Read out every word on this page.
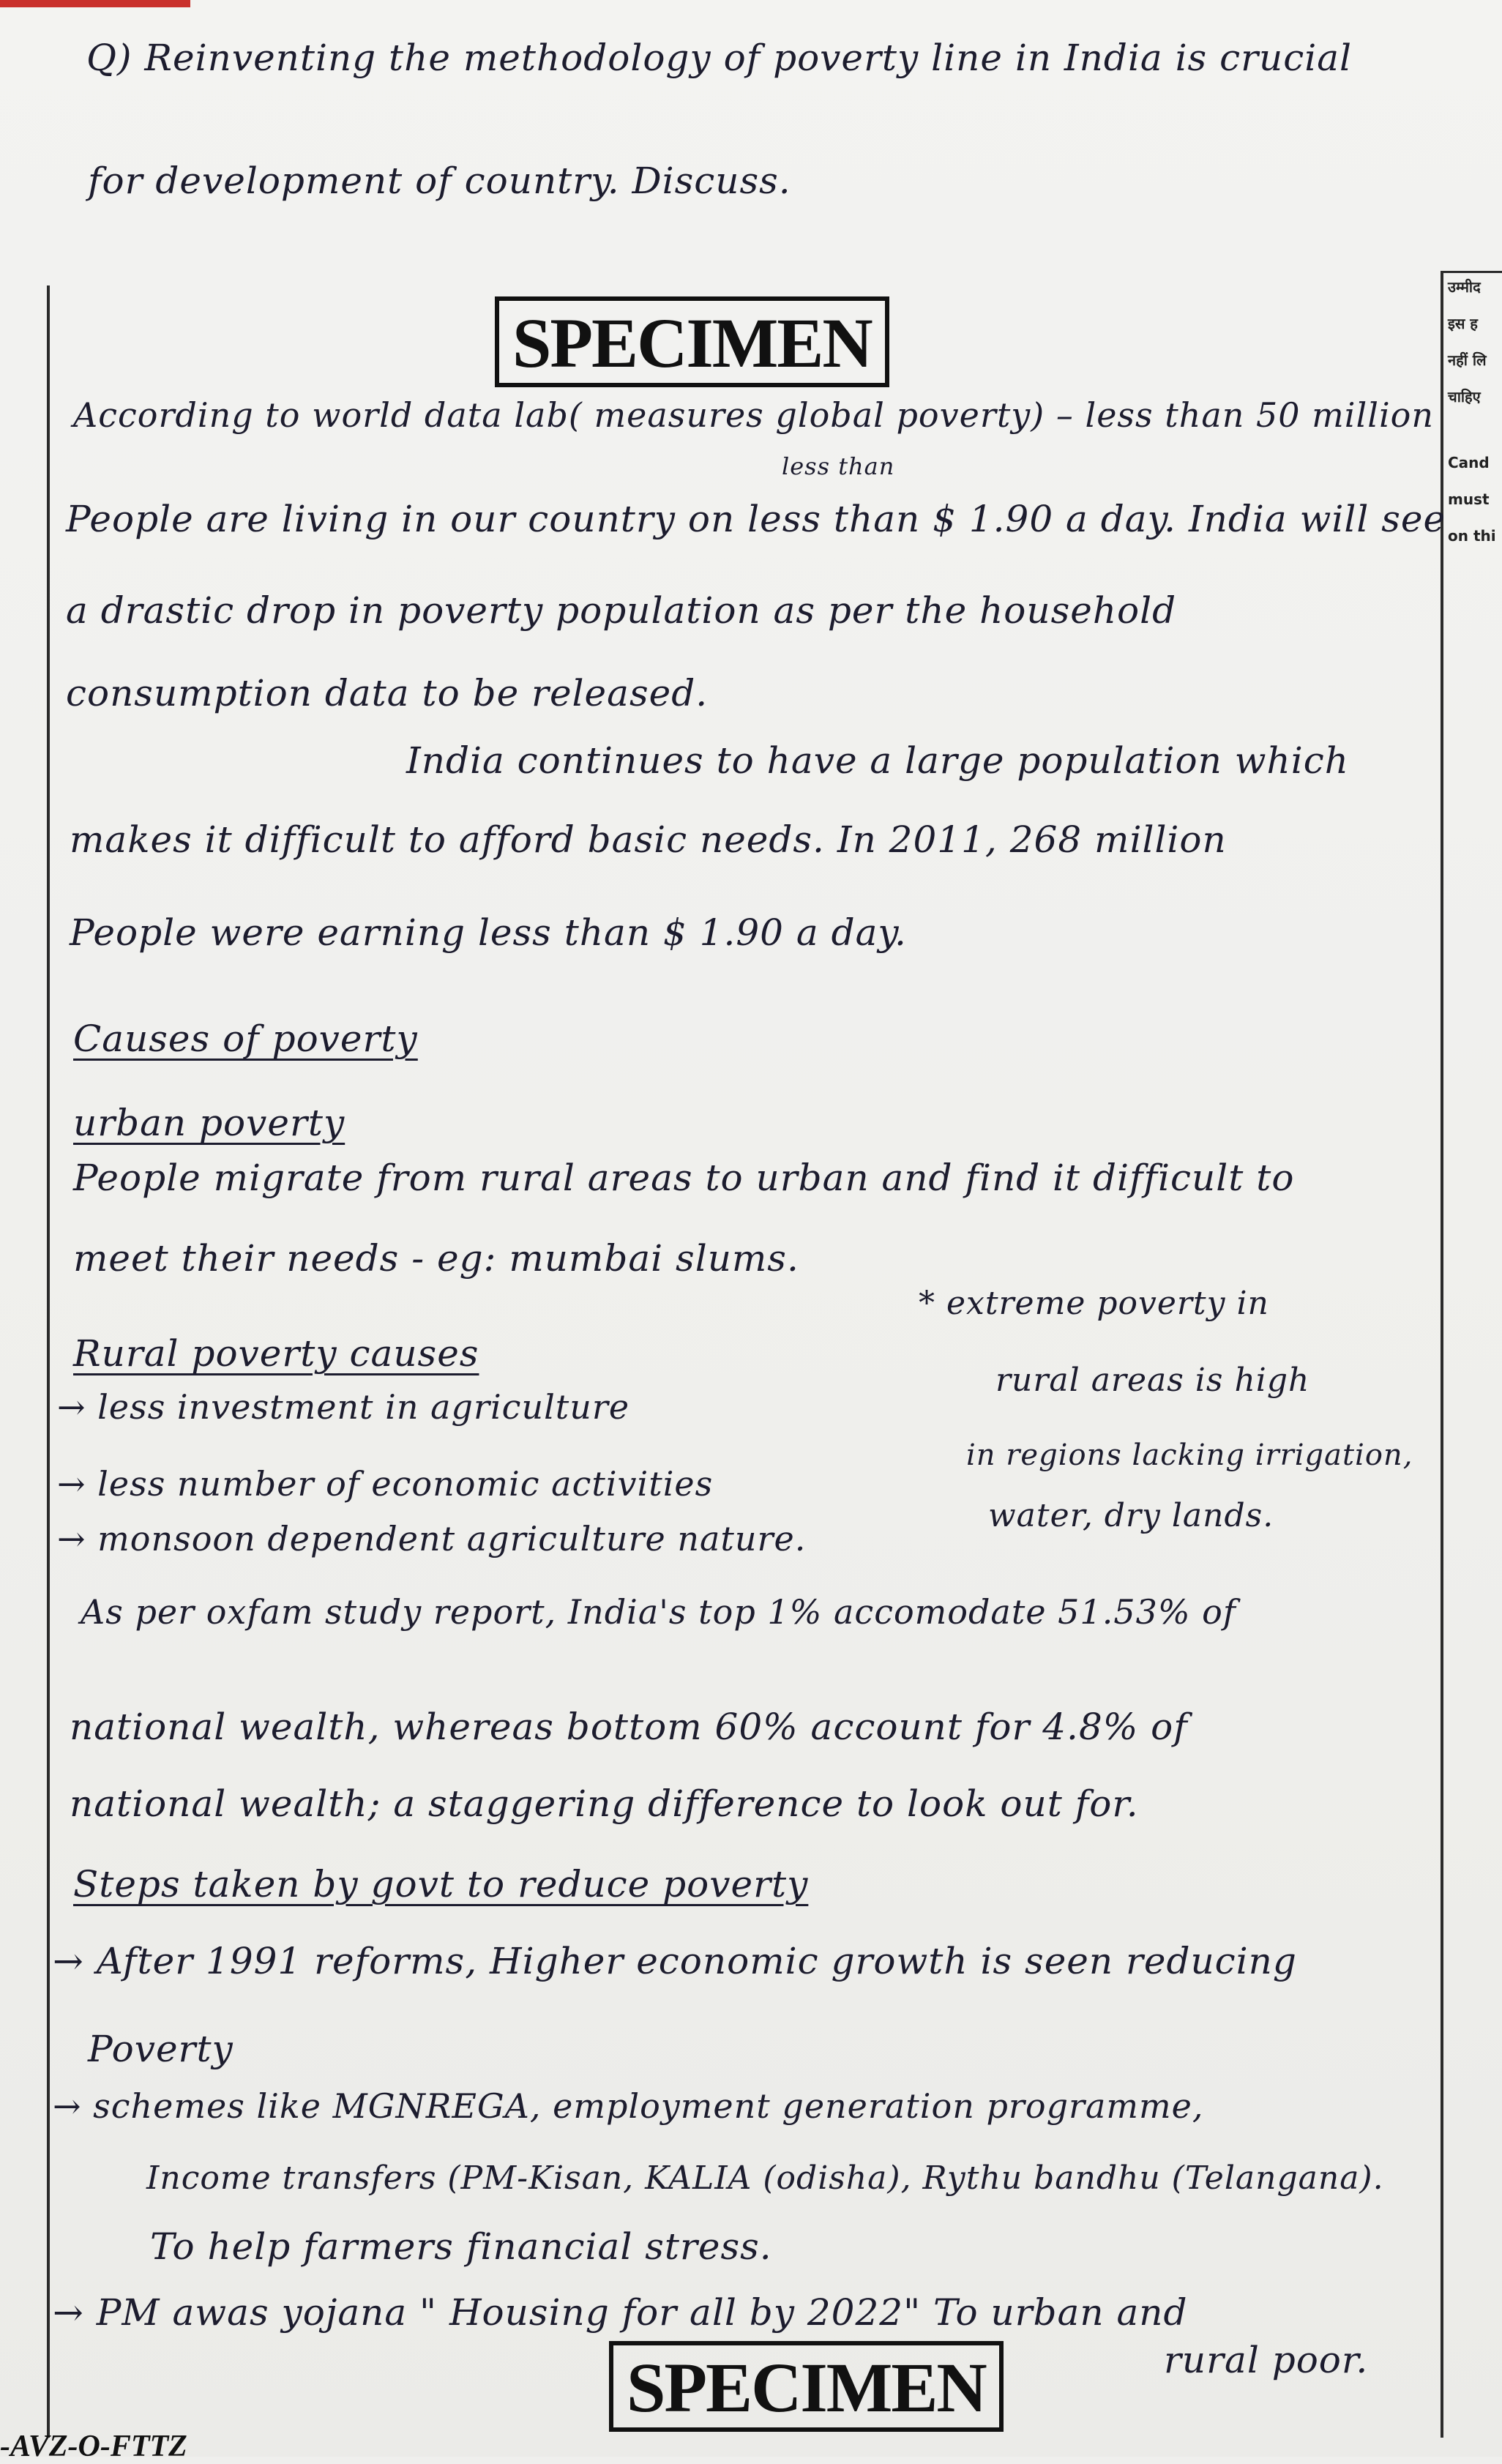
Q) Reinventing the methodology of poverty line in India is crucial
for development of country. Discuss.
उम्मीद
इस ह
नहीं लि
चाहिए
Cand
must
on thi
SPECIMEN
According to world data lab( measures global poverty) – less than 50 million
less than
People are living in our country on less than $ 1.90 a day. India will see
a drastic drop in poverty population as per the household
consumption data to be released.
India continues to have a large population which
makes it difficult to afford basic needs. In 2011, 268 million
People were earning less than $ 1.90 a day.
Causes of poverty
urban poverty
People migrate from rural areas to urban and find it difficult to
meet their needs - eg: mumbai slums.
Rural poverty causes
→ less investment in agriculture
→ less number of economic activities
→ monsoon dependent agriculture nature.
* extreme poverty in
rural areas is high
in regions lacking irrigation,
water, dry lands.
As per oxfam study report, India's top 1% accomodate 51.53% of
national wealth, whereas bottom 60% account for 4.8% of
national wealth; a staggering difference to look out for.
Steps taken by govt to reduce poverty
→ After 1991 reforms, Higher economic growth is seen reducing
Poverty
→ schemes like MGNREGA, employment generation programme,
Income transfers (PM-Kisan, KALIA (odisha), Rythu bandhu (Telangana).
To help farmers financial stress.
→ PM awas yojana " Housing for all by 2022" To urban and
rural poor.
SPECIMEN
-AVZ-O-FTTZ
